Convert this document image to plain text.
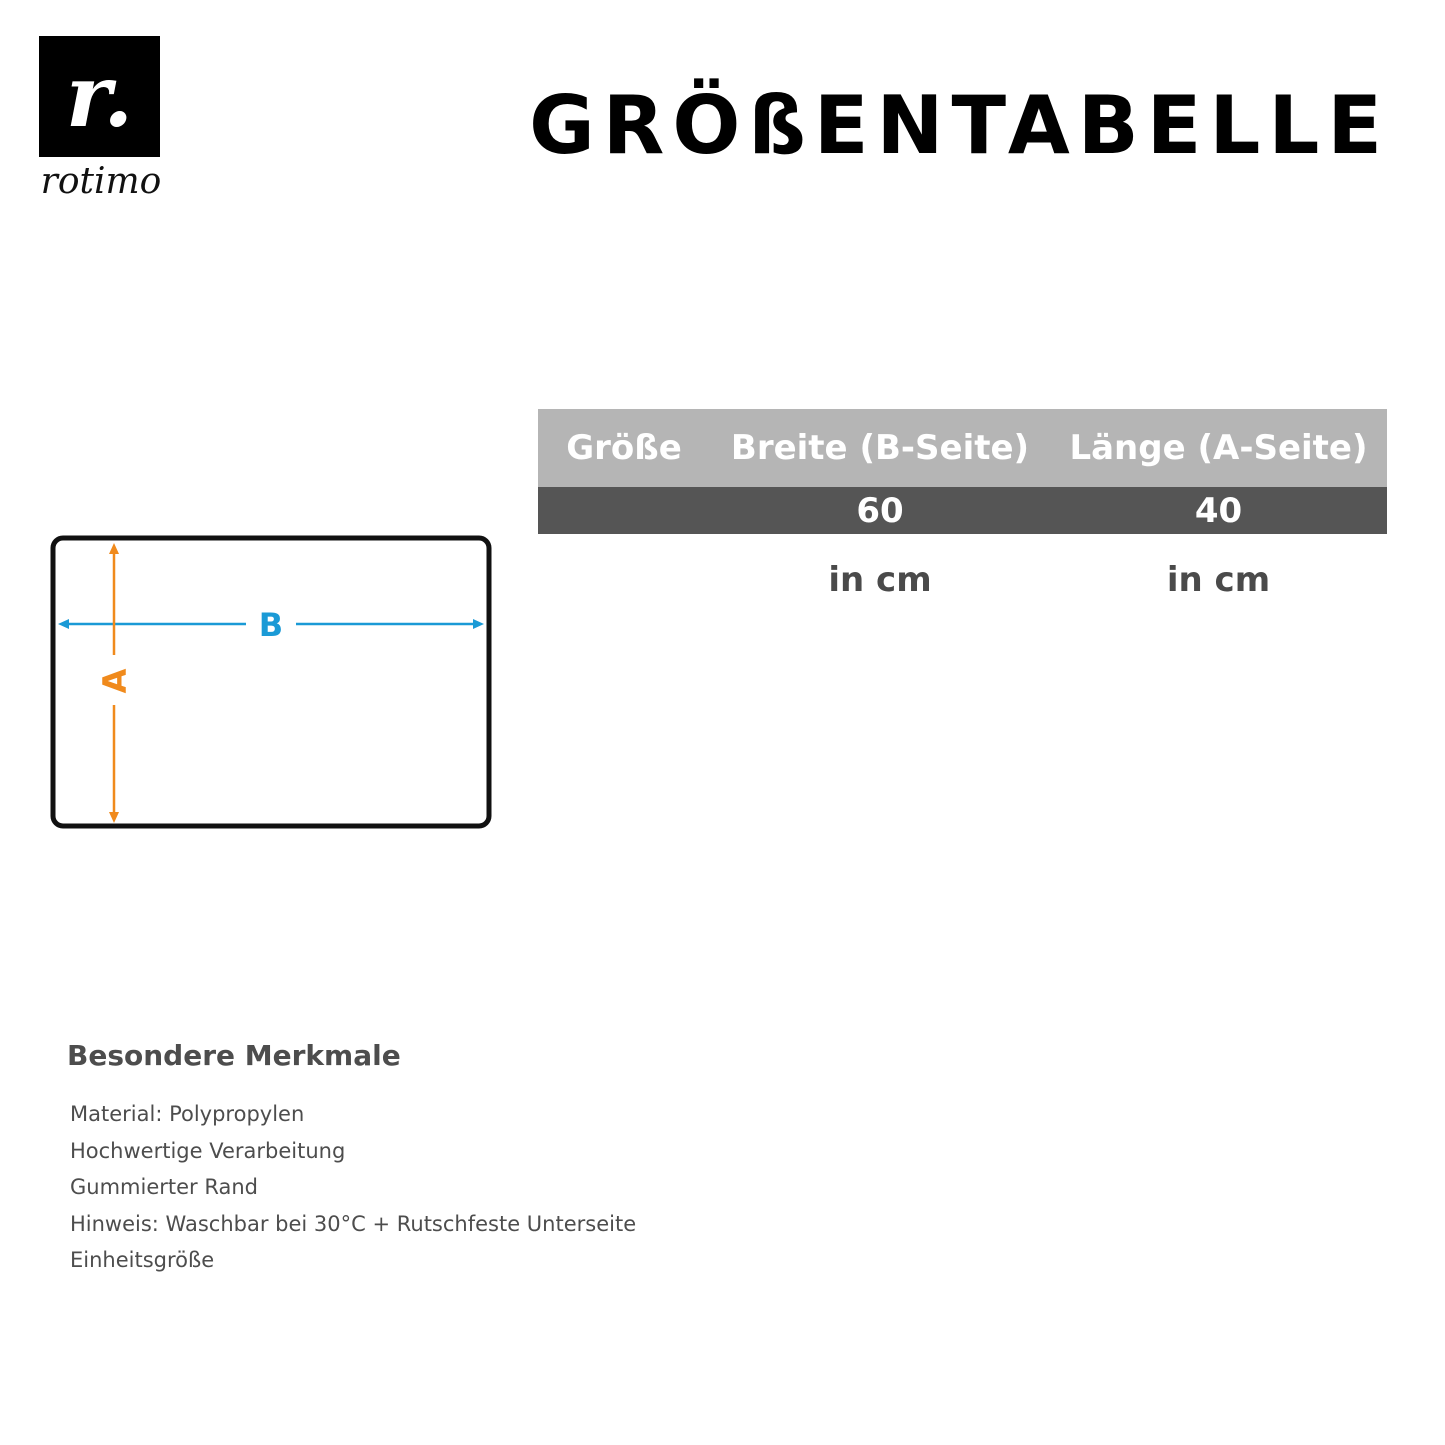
r.
rotimo
GRÖßENTABELLE
B
A
Größe	Breite (B-Seite)	Länge (A-Seite)
	60	40
	in cm	in cm
Besondere Merkmale
Material: Polypropylen
Hochwertige Verarbeitung
Gummierter Rand
Hinweis: Waschbar bei 30°C + Rutschfeste Unterseite
Einheitsgröße
